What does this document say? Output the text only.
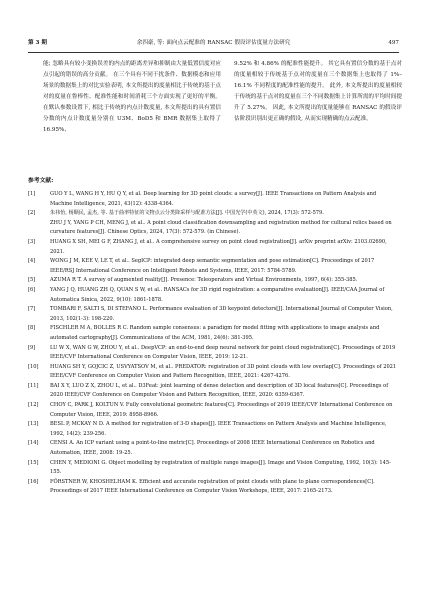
第 3 期	余四豪, 等: 面向点云配准的 RANSAC 假设评估度量方法研究	497

能; 忽略具有较小变换误差的内点的距离差异和抑制由大量低置信度对应点引起的错误的高分贡献。 在三个具有不同干扰条件、数据模态和应用场景的数据集上的对比实验表明, 本文所提出的度量相比于传统的基于点对的度量在鲁棒性、配准性能和时间消耗三个方面实现了更好的平衡。 在默认参数设置下, 相比于传统的内点计数度量, 本文所提出的具有置信分数的内点计数度量分别在 U3M、BoD5 和 BMR 数据集上取得了 16.95%、

9.52% 和 4.86% 的配准性能提升。 其它具有置信分数的基于点对的度量相较于传统基于点对的度量在三个数据集上也取得了 1%–16.1% 不同程度的配准性能的提升。 此外, 本文所提出的度量相较于传统的基于点对的度量在三个不同数据集上计算所需的平均时间提升了 5.27%。 因此, 本文所提出的度量能够在 RANSAC 的假设评估阶段识别出更正确的假设, 从而实现精确的点云配准。

参考文献:
[1]	GUO Y L, WANG H Y, HU Q Y, et al. Deep learning for 3D point clouds: a survey[J]. IEEE Transactions on Pattern Analysis and Machine Intelligence, 2021, 43(12): 4338-4364.
[2]	朱祎怡, 杨顺民, 孟杰, 等. 基于曲率特征的文物点云分类降采样与配准方法[J]. 中国光学(中英文), 2024, 17(3): 572-579.
ZHU J Y, YANG P CH, MENG J, et al.. A point cloud classification downsampling and registration method for cultural relics based on curvature features[J]. Chinese Optics, 2024, 17(3): 572-579. (in Chinese).
[3]	HUANG X SH, MEI G F, ZHANG J, et al.. A comprehensive survey on point cloud registration[J]. arXiv preprint arXiv: 2103.02690, 2021.
[4]	WONG J M, KEE V, LE T, et al.. SegICP: integrated deep semantic segmentation and pose estimation[C]. Proceedings of 2017 IEEE/RSJ International Conference on Intelligent Robots and Systems, IEEE, 2017: 5784-5789.
[5]	AZUMA R T. A survey of augmented reality[J]. Presence: Teleoperators and Virtual Environments, 1997, 6(4): 355-385.
[6]	YANG J Q, HUANG ZH Q, QUAN S W, et al.. RANSACs for 3D rigid registration: a comparative evaluation[J]. IEEE/CAA Journal of Automatica Sinica, 2022, 9(10): 1861-1878.
[7]	TOMBARI F, SALTI S, DI STEFANO L. Performance evaluation of 3D keypoint detectors[J]. International Journal of Computer Vision, 2013, 102(1-3): 198-220.
[8]	FISCHLER M A, BOLLES R C. Random sample consensus: a paradigm for model fitting with applications to image analysis and automated cartography[J]. Communications of the ACM, 1981, 24(6): 381-395.
[9]	LU W X, WAN G W, ZHOU Y, et al.. DeepVCP: an end-to-end deep neural network for point cloud registration[C]. Proceedings of 2019 IEEE/CVF International Conference on Computer Vision, IEEE, 2019: 12-21.
[10]	HUANG SH Y, GOJCIC Z, USVYATSOV M, et al.. PREDATOR: registration of 3D point clouds with low overlap[C]. Proceedings of 2021 IEEE/CVF Conference on Computer Vision and Pattern Recognition, IEEE, 2021: 4267-4276.
[11]	BAI X Y, LUO Z X, ZHOU L, et al.. D3Feat: joint learning of dense detection and description of 3D local features[C]. Proceedings of 2020 IEEE/CVF Conference on Computer Vision and Pattern Recognition, IEEE, 2020: 6359-6367.
[12]	CHOY C, PARK J, KOLTUN V. Fully convolutional geometric features[C]. Proceedings of 2019 IEEE/CVF International Conference on Computer Vision, IEEE, 2019: 8958-8966.
[13]	BESL P, MCKAY N D. A method for registration of 3-D shapes[J]. IEEE Transactions on Pattern Analysis and Machine Intelligence, 1992, 14(2): 239-256.
[14]	CENSI A. An ICP variant using a point-to-line metric[C]. Proceedings of 2008 IEEE International Conference on Robotics and Automation, IEEE, 2008: 19-25.
[15]	CHEN Y, MEDIONI G. Object modelling by registration of multiple range images[J]. Image and Vision Computing, 1992, 10(3): 145-155.
[16]	FÖRSTNER W, KHOSHELHAM K. Efficient and accurate registration of point clouds with plane to plane correspondences[C]. Proceedings of 2017 IEEE International Conference on Computer Vision Workshops, IEEE, 2017: 2165-2173.
